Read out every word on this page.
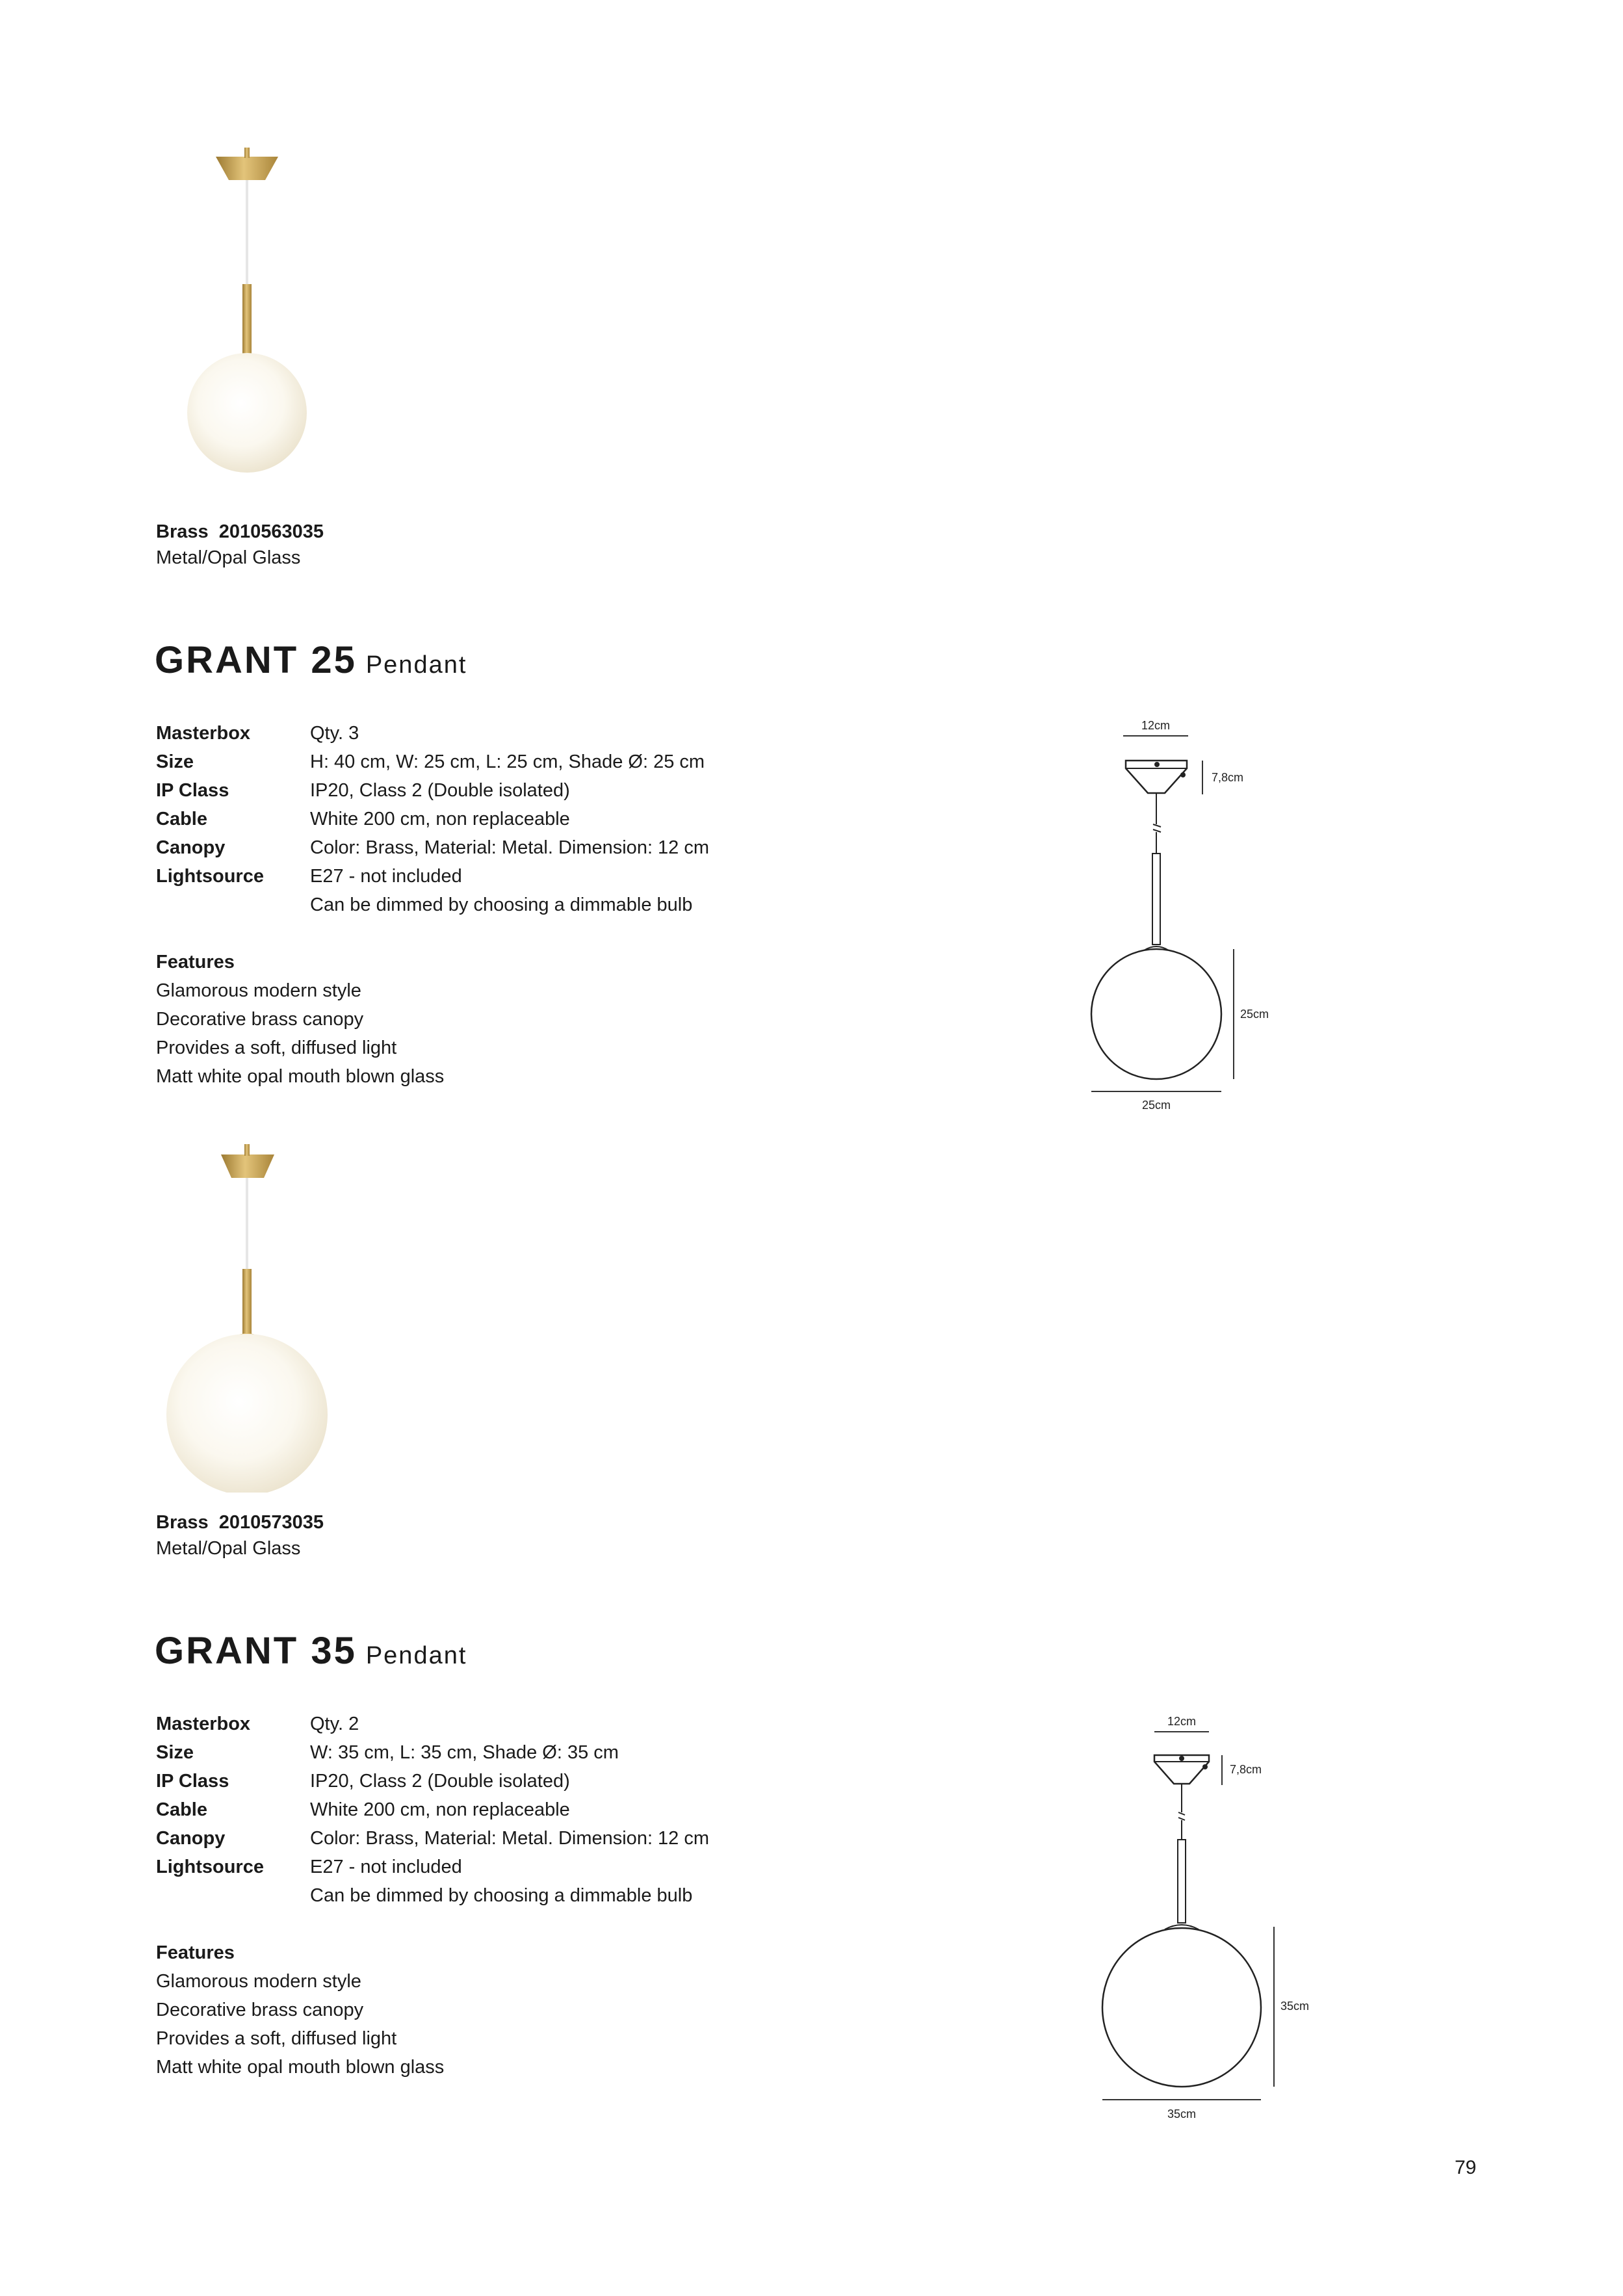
Brass 2010563035
Metal/Opal Glass
GRANT 25 Pendant
Masterbox	Qty. 3
Size	H: 40 cm, W: 25 cm, L: 25 cm, Shade Ø: 25 cm
IP Class	IP20, Class 2 (Double isolated)
Cable	White 200 cm, non replaceable
Canopy	Color: Brass, Material: Metal. Dimension: 12 cm
Lightsource E27 - not included
Can be dimmed by choosing a dimmable bulb
Features
Glamorous modern style
Decorative brass canopy
Provides a soft, diffused light
Matt white opal mouth blown glass
12cm
7,8cm
25cm
25cm
Brass 2010573035
Metal/Opal Glass
GRANT 35 Pendant
Masterbox	Qty. 2
Size	W: 35 cm, L: 35 cm, Shade Ø: 35 cm
IP Class	IP20, Class 2 (Double isolated)
Cable	White 200 cm, non replaceable
Canopy	Color: Brass, Material: Metal. Dimension: 12 cm
Lightsource E27 - not included
Can be dimmed by choosing a dimmable bulb
Features
Glamorous modern style
Decorative brass canopy
Provides a soft, diffused light
Matt white opal mouth blown glass
12cm
7,8cm
35cm
35cm
79
